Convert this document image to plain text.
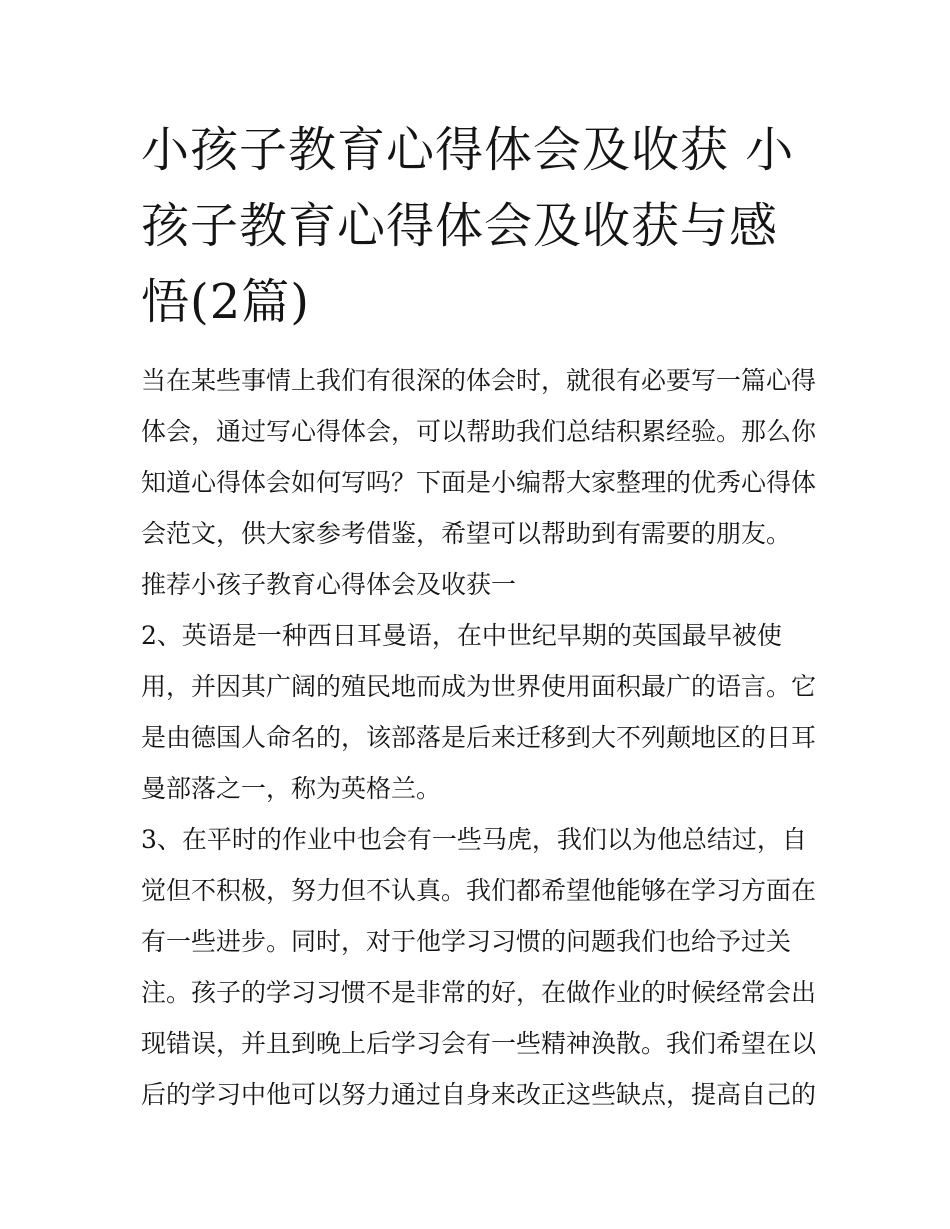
小孩子教育心得体会及收获 小孩子教育心得体会及收获与感悟(2篇)

当在某些事情上我们有很深的体会时，就很有必要写一篇心得体会，通过写心得体会，可以帮助我们总结积累经验。那么你知道心得体会如何写吗？下面是小编帮大家整理的优秀心得体会范文，供大家参考借鉴，希望可以帮助到有需要的朋友。

推荐小孩子教育心得体会及收获一

2、英语是一种西日耳曼语，在中世纪早期的英国最早被使用，并因其广阔的殖民地而成为世界使用面积最广的语言。它是由德国人命名的，该部落是后来迁移到大不列颠地区的日耳曼部落之一，称为英格兰。

3、在平时的作业中也会有一些马虎，我们以为他总结过，自觉但不积极，努力但不认真。我们都希望他能够在学习方面在有一些进步。同时，对于他学习习惯的问题我们也给予过关注。孩子的学习习惯不是非常的好，在做作业的时候经常会出现错误，并且到晚上后学习会有一些精神涣散。我们希望在以后的学习中他可以努力通过自身来改正这些缺点，提高自己的
